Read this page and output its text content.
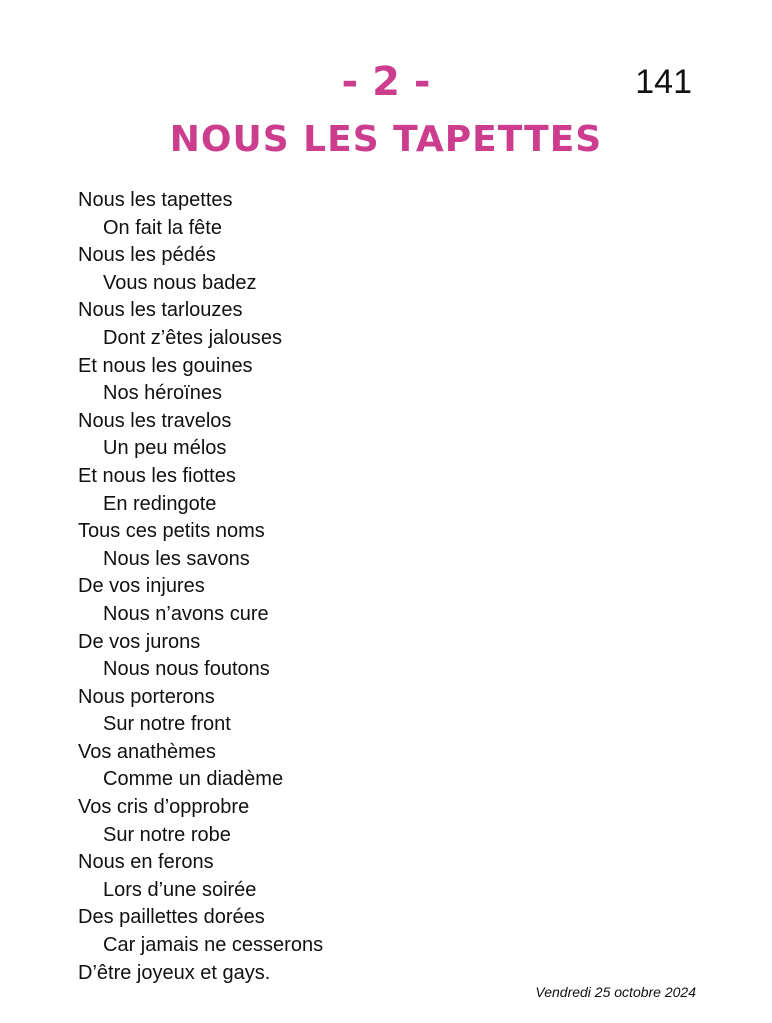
- 2 -	141
NOUS LES TAPETTES
Nous les tapettes
On fait la fête
Nous les pédés
Vous nous badez
Nous les tarlouzes
Dont z’êtes jalouses
Et nous les gouines
Nos héroïnes
Nous les travelos
Un peu mélos
Et nous les fiottes
En redingote
Tous ces petits noms
Nous les savons
De vos injures
Nous n’avons cure
De vos jurons
Nous nous foutons
Nous porterons
Sur notre front
Vos anathèmes
Comme un diadème
Vos cris d’opprobre
Sur notre robe
Nous en ferons
Lors d’une soirée
Des paillettes dorées
Car jamais ne cesserons
D’être joyeux et gays.
Vendredi 25 octobre 2024
